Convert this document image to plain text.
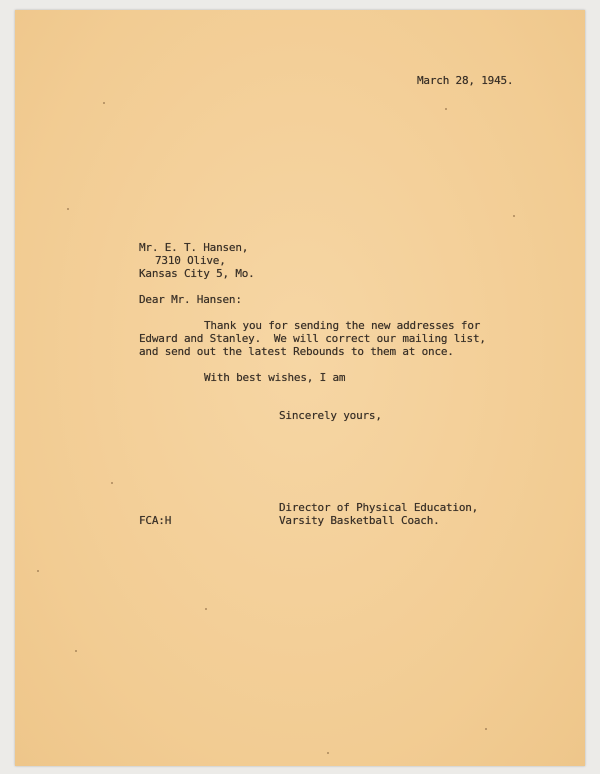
March 28, 1945.
Mr. E. T. Hansen,
7310 Olive,
Kansas City 5, Mo.
Dear Mr. Hansen:
Thank you for sending the new addresses for
Edward and Stanley.  We will correct our mailing list,
and send out the latest Rebounds to them at once.
With best wishes, I am
Sincerely yours,
Director of Physical Education,
Varsity Basketball Coach.
FCA:H
